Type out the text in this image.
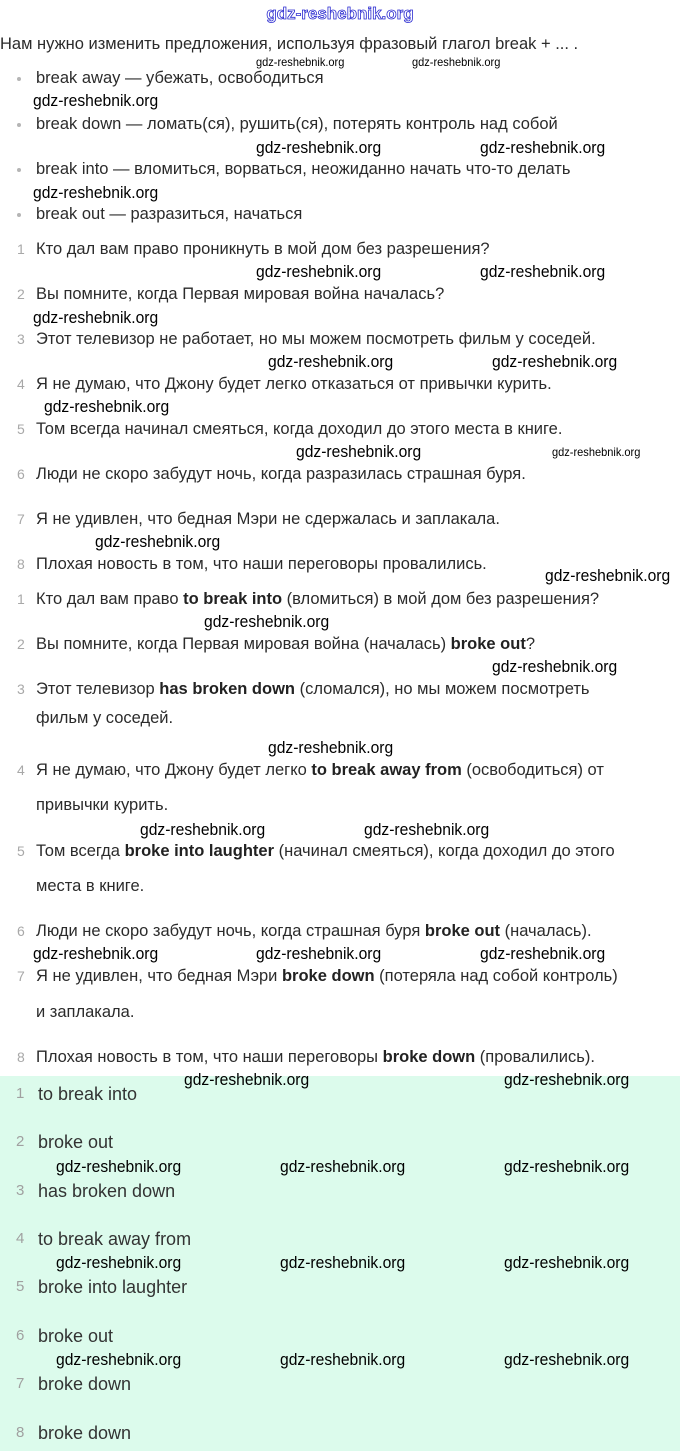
Нам нужно изменить предложения, используя фразовый глагол break + ... .
break away — убежать, освободиться
break down — ломать(ся), рушить(ся), потерять контроль над собой
break into — вломиться, ворваться, неожиданно начать что-то делать
break out — разразиться, начаться
1 Кто дал вам право проникнуть в мой дом без разрешения?
2 Вы помните, когда Первая мировая война началась?
3 Этот телевизор не работает, но мы можем посмотреть фильм у соседей.
4 Я не думаю, что Джону будет легко отказаться от привычки курить.
5 Том всегда начинал смеяться, когда доходил до этого места в книге.
6 Люди не скоро забудут ночь, когда разразилась страшная буря.
7 Я не удивлен, что бедная Мэри не сдержалась и заплакала.
8 Плохая новость в том, что наши переговоры провалились.
1 Кто дал вам право to break into (вломиться) в мой дом без разрешения?
2 Вы помните, когда Первая мировая война (началась) broke out?
3 Этот телевизор has broken down (сломался), но мы можем посмотреть
фильм у соседей.
4 Я не думаю, что Джону будет легко to break away from (освободиться) от
привычки курить.
5 Том всегда broke into laughter (начинал смеяться), когда доходил до этого
места в книге.
6 Люди не скоро забудут ночь, когда страшная буря broke out (началась).
7 Я не удивлен, что бедная Мэри broke down (потеряла над собой контроль)
и заплакала.
8 Плохая новость в том, что наши переговоры broke down (провалились).
1 to break into
2 broke out
3 has broken down
4 to break away from
5 broke into laughter
6 broke out
7 broke down
8 broke down
gdz-reshebnik.org
gdz-reshebnik.org	gdz-reshebnik.org
gdz-reshebnik.org
gdz-reshebnik.org	gdz-reshebnik.org
gdz-reshebnik.org
gdz-reshebnik.org	gdz-reshebnik.org
gdz-reshebnik.org
gdz-reshebnik.org	gdz-reshebnik.org
gdz-reshebnik.org
gdz-reshebnik.org	gdz-reshebnik.org
gdz-reshebnik.org
gdz-reshebnik.org
gdz-reshebnik.org
gdz-reshebnik.org
gdz-reshebnik.org
gdz-reshebnik.org	gdz-reshebnik.org
gdz-reshebnik.org	gdz-reshebnik.org
gdz-reshebnik.org
gdz-reshebnik.org	gdz-reshebnik.org
gdz-reshebnik.org	gdz-reshebnik.org	gdz-reshebnik.org
gdz-reshebnik.org	gdz-reshebnik.org	gdz-reshebnik.org
gdz-reshebnik.org	gdz-reshebnik.org	gdz-reshebnik.org
